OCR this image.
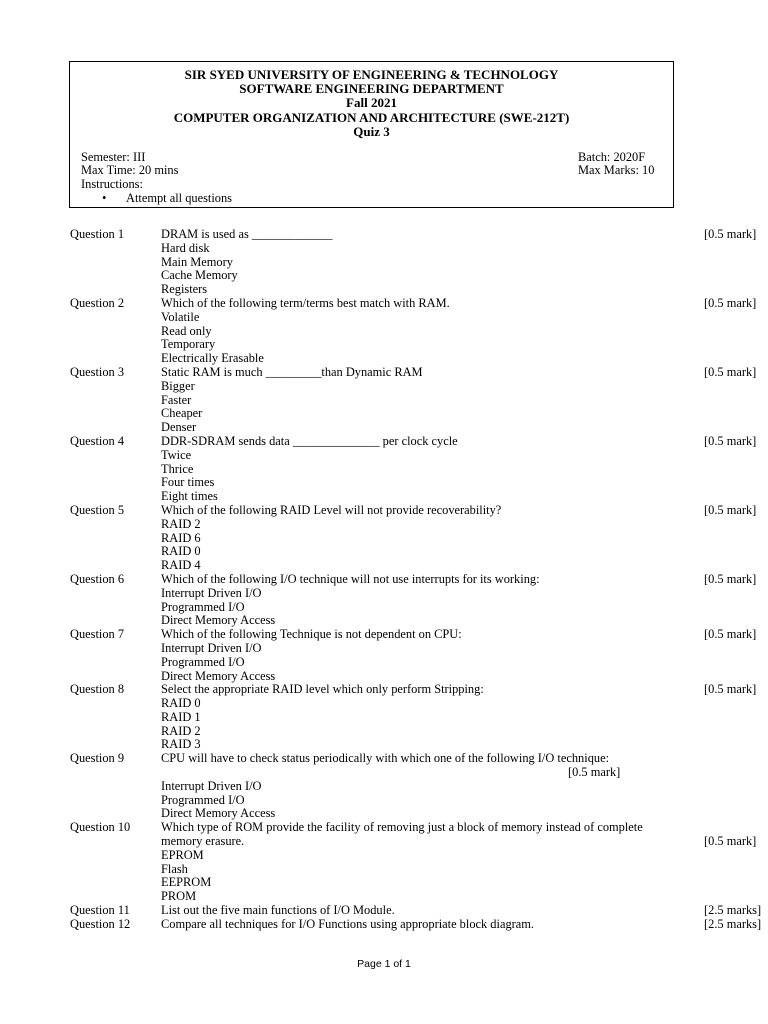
SIR SYED UNIVERSITY OF ENGINEERING & TECHNOLOGY
SOFTWARE ENGINEERING DEPARTMENT
Fall 2021
COMPUTER ORGANIZATION AND ARCHITECTURE (SWE-212T)
Quiz 3
Semester: III	Batch: 2020F
Max Time: 20 mins	Max Marks: 10
Instructions:
• Attempt all questions
Question 1	DRAM is used as _____________	[0.5 mark]
Hard disk
Main Memory
Cache Memory
Registers
Question 2	Which of the following term/terms best match with RAM.	[0.5 mark]
Volatile
Read only
Temporary
Electrically Erasable
Question 3	Static RAM is much _________than Dynamic RAM	[0.5 mark]
Bigger
Faster
Cheaper
Denser
Question 4	DDR-SDRAM sends data ______________ per clock cycle	[0.5 mark]
Twice
Thrice
Four times
Eight times
Question 5	Which of the following RAID Level will not provide recoverability?	[0.5 mark]
RAID 2
RAID 6
RAID 0
RAID 4
Question 6	Which of the following I/O technique will not use interrupts for its working:	[0.5 mark]
Interrupt Driven I/O
Programmed I/O
Direct Memory Access
Question 7	Which of the following Technique is not dependent on CPU:	[0.5 mark]
Interrupt Driven I/O
Programmed I/O
Direct Memory Access
Question 8	Select the appropriate RAID level which only perform Stripping:	[0.5 mark]
RAID 0
RAID 1
RAID 2
RAID 3
Question 9	CPU will have to check status periodically with which one of the following I/O technique:
[0.5 mark]
Interrupt Driven I/O
Programmed I/O
Direct Memory Access
Question 10 Which type of ROM provide the facility of removing just a block of memory instead of complete
memory erasure.	[0.5 mark]
EPROM
Flash
EEPROM
PROM
Question 11	List out the five main functions of I/O Module.	[2.5 marks]
Question 12 Compare all techniques for I/O Functions using appropriate block diagram.	[2.5 marks]
Page 1 of 1
